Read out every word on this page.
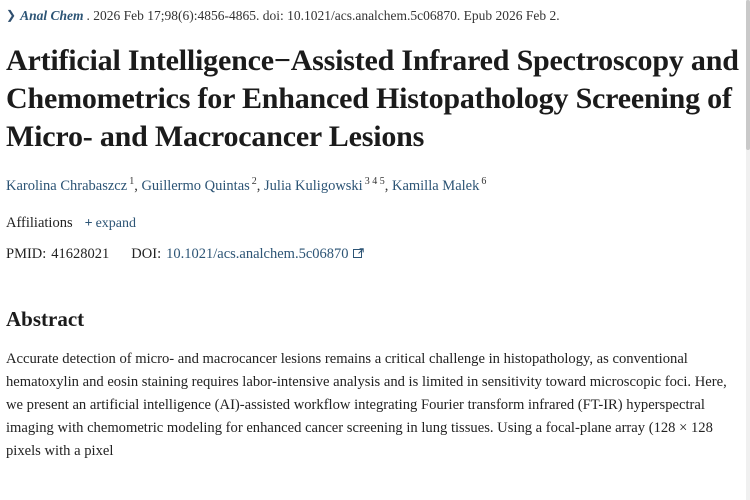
❯ Anal Chem . 2026 Feb 17;98(6):4856-4865. doi: 10.1021/acs.analchem.5c06870. Epub 2026 Feb 2.
Artificial Intelligence−Assisted Infrared Spectroscopy and Chemometrics for Enhanced Histopathology Screening of Micro- and Macrocancer Lesions
Karolina Chrabaszcz $^1$, Guillermo Quintas $^2$, Julia Kuligowski $^{3 4 5}$, Kamilla Malek $^6$
Affiliations + expand
PMID: 41628021 DOI: 10.1021/acs.analchem.5c06870
Abstract
Accurate detection of micro- and macrocancer lesions remains a critical challenge in histopathology, as conventional hematoxylin and eosin staining requires labor-intensive analysis and is limited in sensitivity toward microscopic foci. Here, we present an artificial intelligence (AI)-assisted workflow integrating Fourier transform infrared (FT-IR) hyperspectral imaging with chemometric modeling for enhanced cancer screening in lung tissues. Using a focal-plane array (128 × 128 pixels with a pixel
